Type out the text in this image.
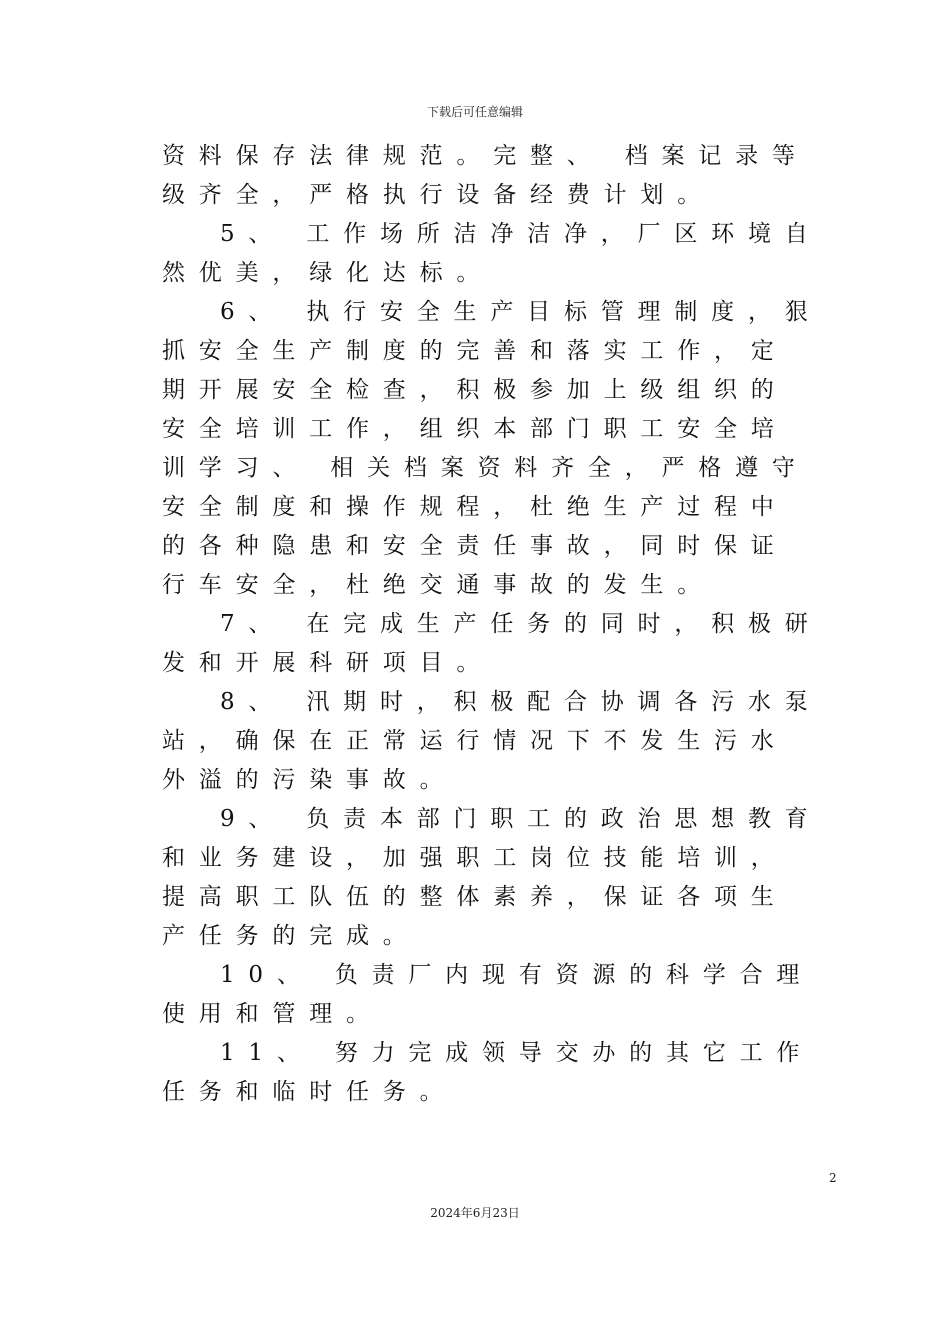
下载后可任意编辑
资料保存法律规范。完整、 档案记录等
级齐全，严格执行设备经费计划。
5、 工作场所洁净洁净，厂区环境自
然优美，绿化达标。
6、 执行安全生产目标管理制度，狠
抓安全生产制度的完善和落实工作，定
期开展安全检查，积极参加上级组织的
安全培训工作，组织本部门职工安全培
训学习、 相关档案资料齐全，严格遵守
安全制度和操作规程，杜绝生产过程中
的各种隐患和安全责任事故，同时保证
行车安全，杜绝交通事故的发生。
7、 在完成生产任务的同时，积极研
发和开展科研项目。
8、 汛期时，积极配合协调各污水泵
站，确保在正常运行情况下不发生污水
外溢的污染事故。
9、 负责本部门职工的政治思想教育
和业务建设，加强职工岗位技能培训，
提高职工队伍的整体素养，保证各项生
产任务的完成。
10、 负责厂内现有资源的科学合理
使用和管理。
11、 努力完成领导交办的其它工作
任务和临时任务。
2
2024年6月23日
